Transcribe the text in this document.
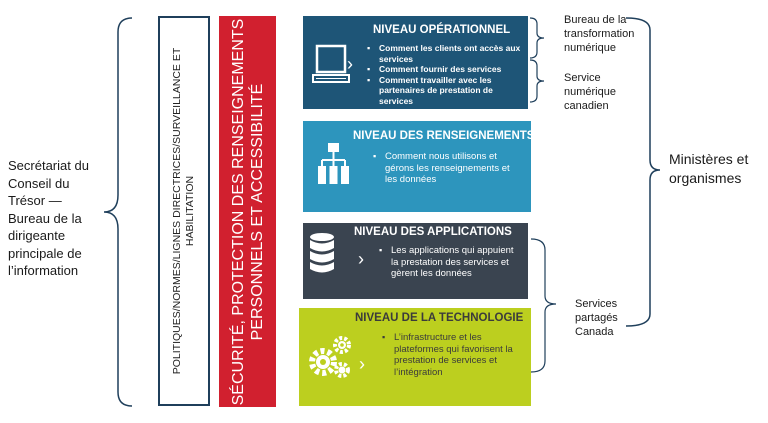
Secrétariat du
Conseil du
Trésor —
Bureau de la
dirigeante
principale de
l’information	POLITIQUES/NORMES/LIGNES DIRECTRICES/SURVEILLANCE ET HABILITATION SÉCURITÉ, PROTECTION DES RENSEIGNEMENTS PERSONNELS ET ACCESSIBILITÉ
›
NIVEAU OPÉRATIONNEL
▪ Comment les clients ont accès aux services
▪ Comment fournir des services
▪ Comment travailler avec les partenaires de prestation de services
NIVEAU DES RENSEIGNEMENTS
▪ Comment nous utilisons et gérons les renseignements et les données
›
NIVEAU DES APPLICATIONS
▪ Les applications qui appuient la prestation des services et gèrent les données
›
NIVEAU DE LA TECHNOLOGIE
▪ L’infrastructure et les plateformes qui favorisent la prestation de services et l’intégration
Bureau de la
transformation
numérique
Service
numérique
canadien
Services
partagés
Canada
Ministères et
organismes
